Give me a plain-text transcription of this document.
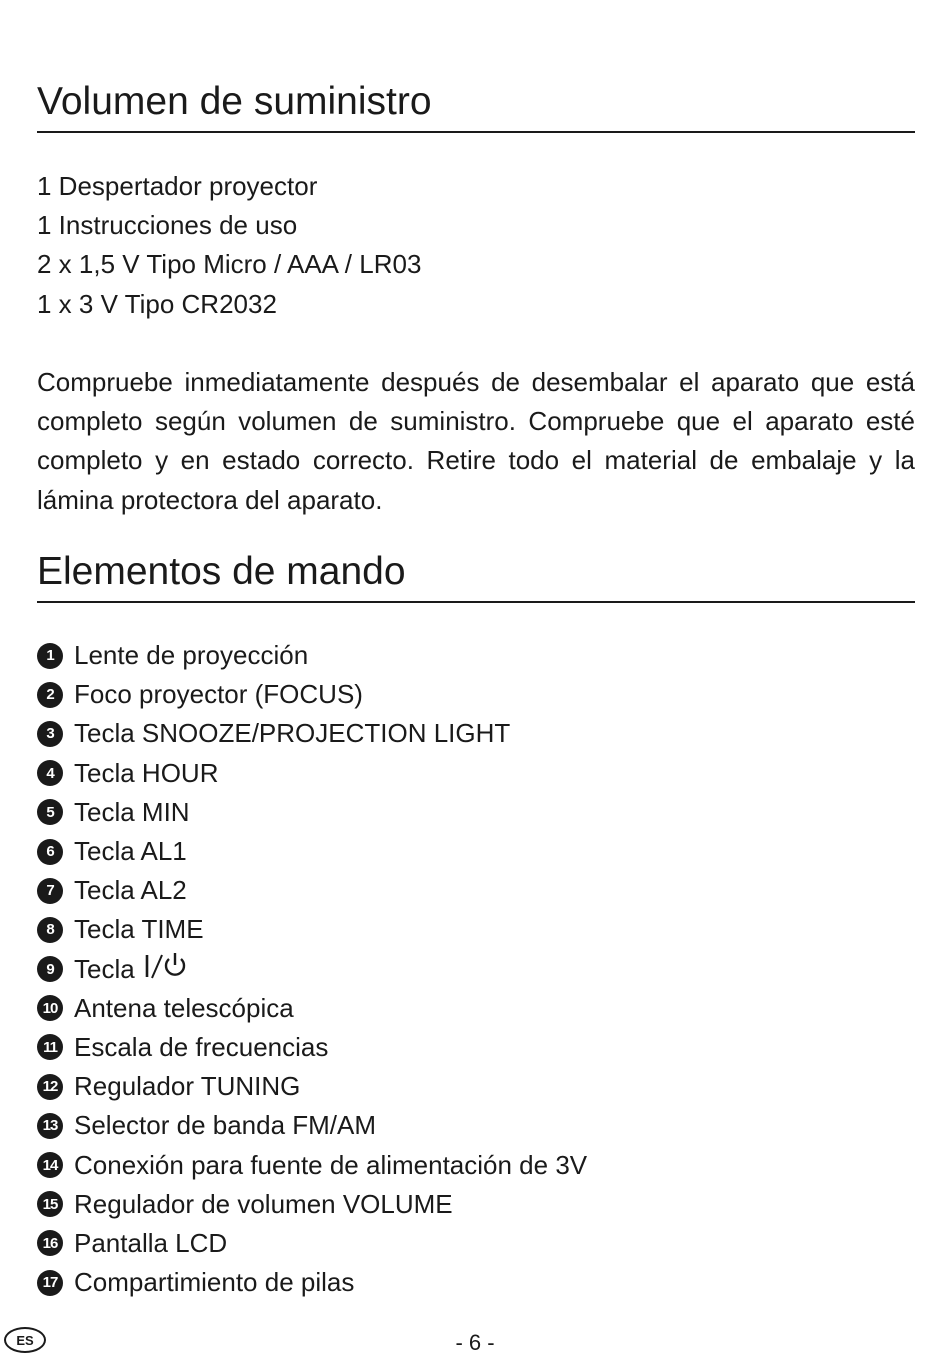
Volumen de suministro
1 Despertador proyector
1 Instrucciones de uso
2 x 1,5 V Tipo Micro / AAA / LR03
1 x 3 V Tipo CR2032
Compruebe inmediatamente después de desembalar el aparato que está completo según volumen de suministro. Compruebe que el aparato esté completo y en estado correcto. Retire todo el material de embalaje y la lámina protectora del aparato.
Elementos de mando
1 Lente de proyección
2 Foco proyector (FOCUS)
3 Tecla SNOOZE/PROJECTION LIGHT
4 Tecla HOUR
5 Tecla MIN
6 Tecla AL1
7 Tecla AL2
8 Tecla TIME
9 Tecla
10 Antena telescópica
11 Escala de frecuencias
12 Regulador TUNING
13 Selector de banda FM/AM
14 Conexión para fuente de alimentación de 3V
15 Regulador de volumen VOLUME
16 Pantalla LCD
17 Compartimiento de pilas
ES	- 6 -
